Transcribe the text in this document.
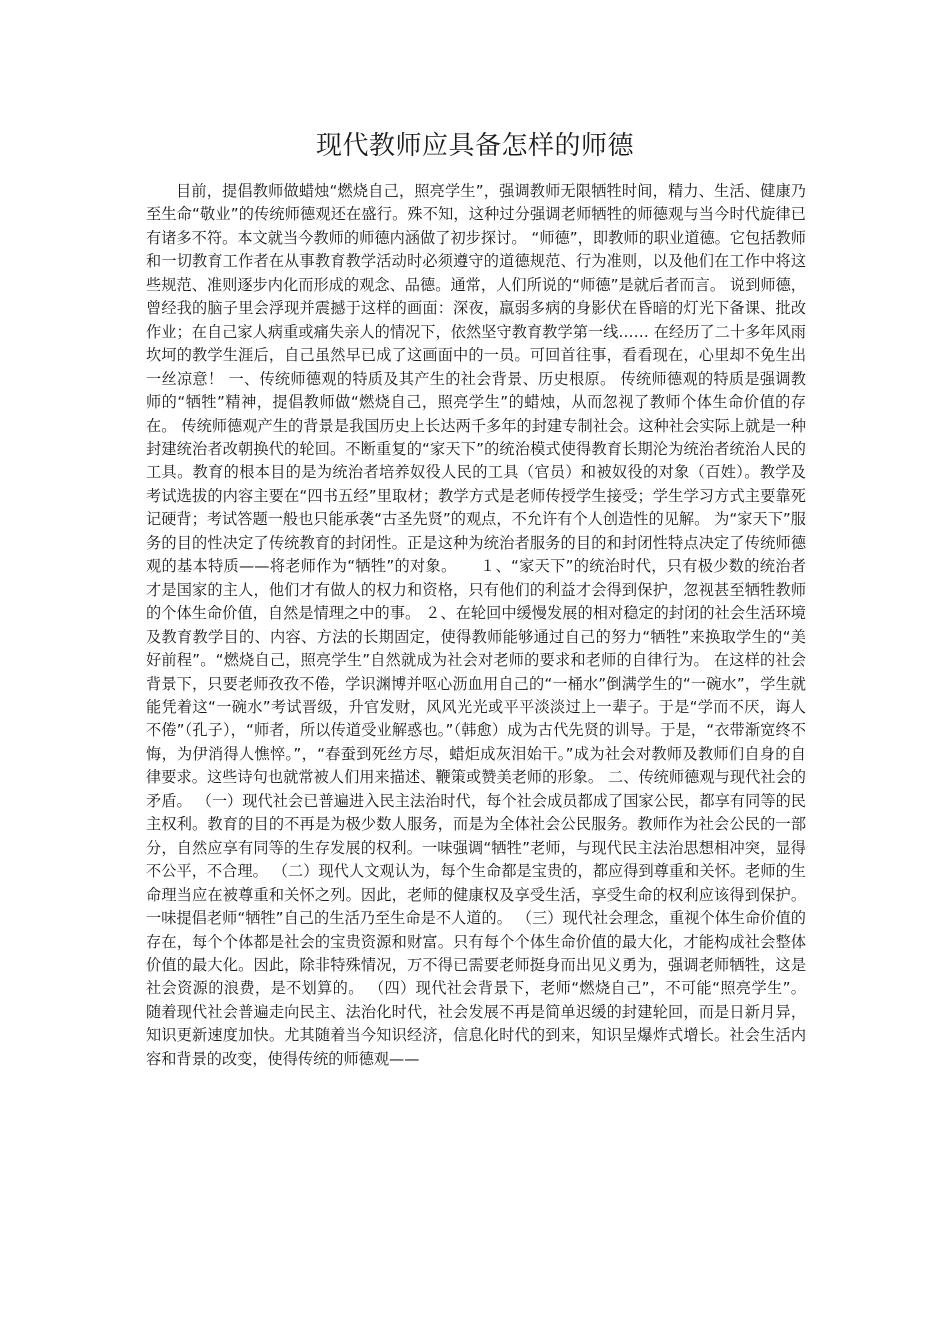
现代教师应具备怎样的师德

目前，提倡教师做蜡烛“燃烧自己，照亮学生”，强调教师无限牺牲时间，精力、生活、健康乃至生命“敬业”的传统师德观还在盛行。殊不知，这种过分强调老师牺牲的师德观与当今时代旋律已有诸多不符。本文就当今教师的师德内涵做了初步探讨。 “师德”，即教师的职业道德。它包括教师和一切教育工作者在从事教育教学活动时必须遵守的道德规范、行为准则，以及他们在工作中将这些规范、准则逐步内化而形成的观念、品德。通常，人们所说的“师德”是就后者而言。 说到师德，曾经我的脑子里会浮现并震撼于这样的画面：深夜，羸弱多病的身影伏在昏暗的灯光下备课、批改作业；在自己家人病重或痛失亲人的情况下，依然坚守教育教学第一线…… 在经历了二十多年风雨坎坷的教学生涯后，自己虽然早已成了这画面中的一员。可回首往事，看看现在，心里却不免生出一丝凉意！ 一、传统师德观的特质及其产生的社会背景、历史根原。 传统师德观的特质是强调教师的“牺牲”精神，提倡教师做“燃烧自己，照亮学生”的蜡烛，从而忽视了教师个体生命价值的存在。 传统师德观产生的背景是我国历史上长达两千多年的封建专制社会。这种社会实际上就是一种封建统治者改朝换代的轮回。不断重复的“家天下”的统治模式使得教育长期沦为统治者统治人民的工具。教育的根本目的是为统治者培养奴役人民的工具（官员）和被奴役的对象（百姓）。教学及考试选拔的内容主要在“四书五经”里取材；教学方式是老师传授学生接受；学生学习方式主要靠死记硬背；考试答题一般也只能承袭“古圣先贤”的观点，不允许有个人创造性的见解。 为“家天下”服务的目的性决定了传统教育的封闭性。正是这种为统治者服务的目的和封闭性特点决定了传统师德观的基本特质——将老师作为“牺牲”的对象。　　１、“家天下”的统治时代，只有极少数的统治者才是国家的主人，他们才有做人的权力和资格，只有他们的利益才会得到保护，忽视甚至牺牲教师的个体生命价值，自然是情理之中的事。 ２、在轮回中缓慢发展的相对稳定的封闭的社会生活环境及教育教学目的、内容、方法的长期固定，使得教师能够通过自己的努力“牺牲”来换取学生的“美好前程”。“燃烧自己，照亮学生”自然就成为社会对老师的要求和老师的自律行为。 在这样的社会背景下，只要老师孜孜不倦，学识渊博并呕心沥血用自己的“一桶水”倒满学生的“一碗水”，学生就能凭着这“一碗水”考试晋级，升官发财，风风光光或平平淡淡过上一辈子。于是“学而不厌，诲人不倦”（孔子），“师者，所以传道受业解惑也。”（韩愈）成为古代先贤的训导。于是，“衣带渐宽终不悔，为伊消得人憔悴。”，“春蚕到死丝方尽，蜡炬成灰泪始干。”成为社会对教师及教师们自身的自律要求。这些诗句也就常被人们用来描述、鞭策或赞美老师的形象。 二、传统师德观与现代社会的矛盾。 （一）现代社会已普遍进入民主法治时代，每个社会成员都成了国家公民，都享有同等的民主权利。教育的目的不再是为极少数人服务，而是为全体社会公民服务。教师作为社会公民的一部分，自然应享有同等的生存发展的权利。一味强调“牺牲”老师，与现代民主法治思想相冲突，显得不公平，不合理。 （二）现代人文观认为，每个生命都是宝贵的，都应得到尊重和关怀。老师的生命理当应在被尊重和关怀之列。因此，老师的健康权及享受生活，享受生命的权利应该得到保护。一味提倡老师“牺牲”自己的生活乃至生命是不人道的。 （三）现代社会理念，重视个体生命价值的存在，每个个体都是社会的宝贵资源和财富。只有每个个体生命价值的最大化，才能构成社会整体价值的最大化。因此，除非特殊情况，万不得已需要老师挺身而出见义勇为，强调老师牺牲，这是社会资源的浪费，是不划算的。 （四）现代社会背景下，老师“燃烧自己”，不可能“照亮学生”。 随着现代社会普遍走向民主、法治化时代，社会发展不再是简单迟缓的封建轮回，而是日新月异，知识更新速度加快。尤其随着当今知识经济，信息化时代的到来，知识呈爆炸式增长。社会生活内容和背景的改变，使得传统的师德观——
